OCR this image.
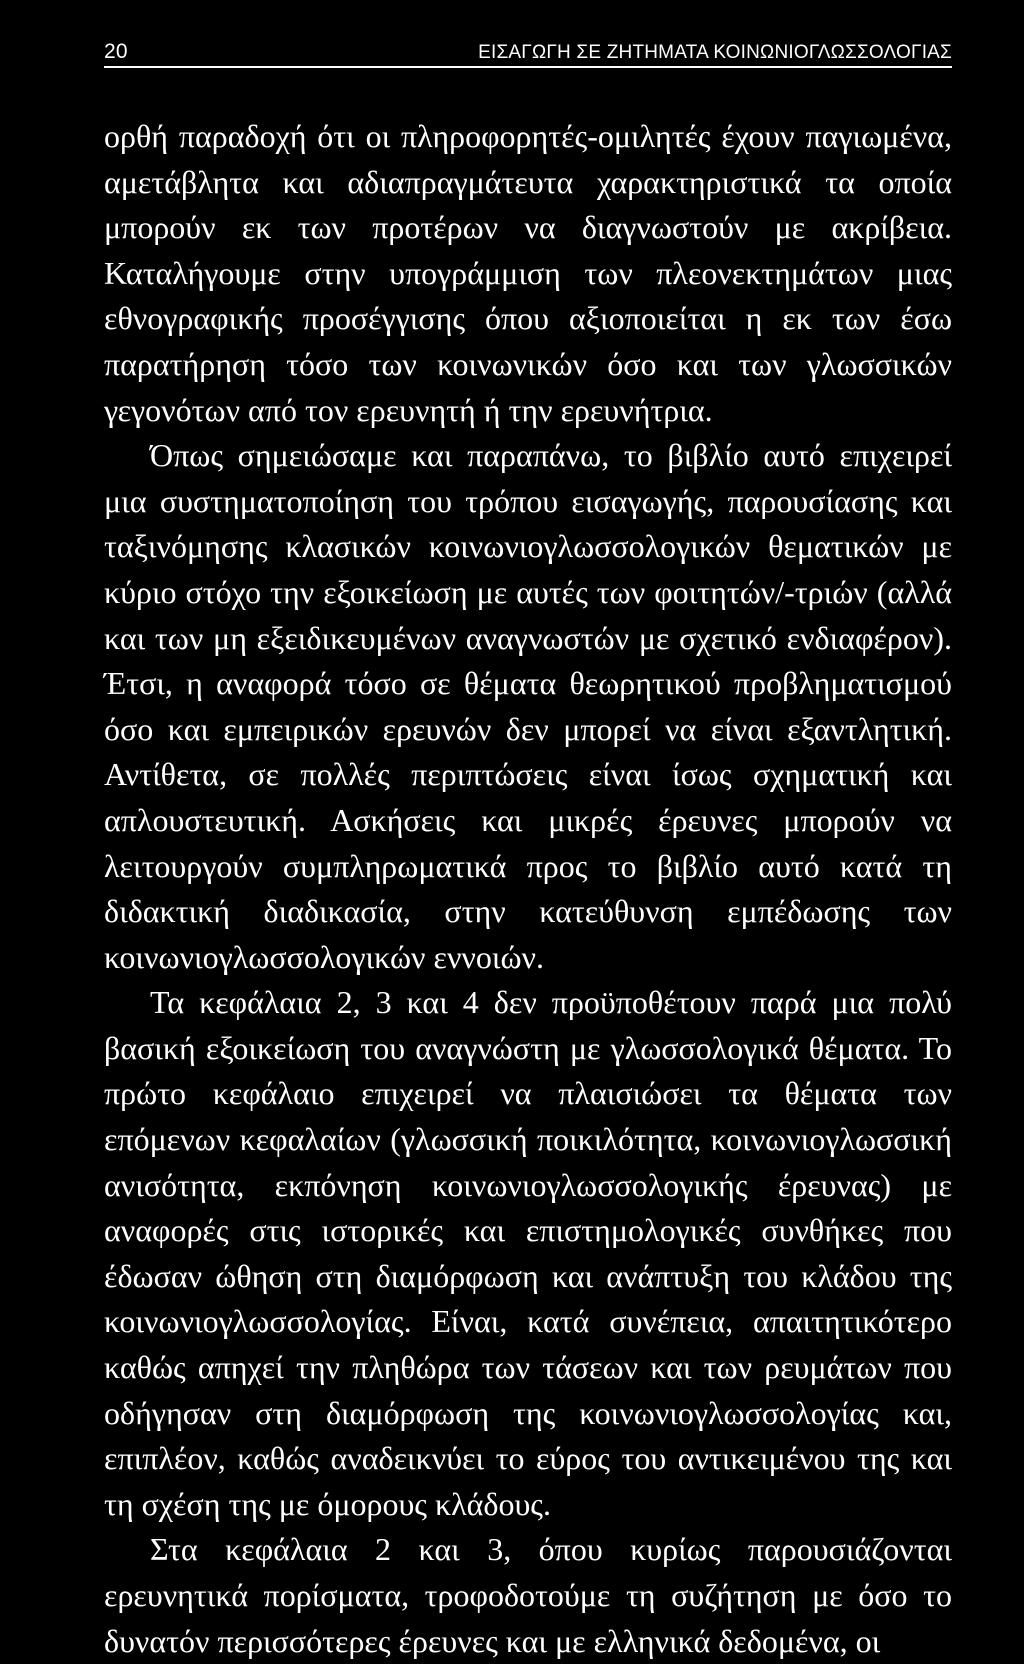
20	ΕΙΣΑΓΩΓΗ ΣΕ ΖΗΤΗΜΑΤΑ ΚΟΙΝΩΝΙΟΓΛΩΣΣΟΛΟΓΙΑΣ

ορθή παραδοχή ότι οι πληροφορητές-ομιλητές έχουν παγιωμένα, αμετάβλητα και αδιαπραγμάτευτα χαρακτηριστικά τα οποία μπορούν εκ των προτέρων να διαγνωστούν με ακρίβεια. Καταλήγουμε στην υπογράμμιση των πλεονεκτημάτων μιας εθνογραφικής προσέγγισης όπου αξιοποιείται η εκ των έσω παρατήρηση τόσο των κοινωνικών όσο και των γλωσσικών γεγονότων από τον ερευνητή ή την ερευνήτρια.

Όπως σημειώσαμε και παραπάνω, το βιβλίο αυτό επιχειρεί μια συστηματοποίηση του τρόπου εισαγωγής, παρουσίασης και ταξινόμησης κλασικών κοινωνιογλωσσολογικών θεματικών με κύριο στόχο την εξοικείωση με αυτές των φοιτητών/-τριών (αλλά και των μη εξειδικευμένων αναγνωστών με σχετικό ενδιαφέρον). Έτσι, η αναφορά τόσο σε θέματα θεωρητικού προβληματισμού όσο και εμπειρικών ερευνών δεν μπορεί να είναι εξαντλητική. Αντίθετα, σε πολλές περιπτώσεις είναι ίσως σχηματική και απλουστευτική. Ασκήσεις και μικρές έρευνες μπορούν να λειτουργούν συμπληρωματικά προς το βιβλίο αυτό κατά τη διδακτική διαδικασία, στην κατεύθυνση εμπέδωσης των κοινωνιογλωσσολογικών εννοιών.

Τα κεφάλαια 2, 3 και 4 δεν προϋποθέτουν παρά μια πολύ βασική εξοικείωση του αναγνώστη με γλωσσολογικά θέματα. Το πρώτο κεφάλαιο επιχειρεί να πλαισιώσει τα θέματα των επόμενων κεφαλαίων (γλωσσική ποικιλότητα, κοινωνιογλωσσική ανισότητα, εκπόνηση κοινωνιογλωσσολογικής έρευνας) με αναφορές στις ιστορικές και επιστημολογικές συνθήκες που έδωσαν ώθηση στη διαμόρφωση και ανάπτυξη του κλάδου της κοινωνιογλωσσολογίας. Είναι, κατά συνέπεια, απαιτητικότερο καθώς απηχεί την πληθώρα των τάσεων και των ρευμάτων που οδήγησαν στη διαμόρφωση της κοινωνιογλωσσολογίας και, επιπλέον, καθώς αναδεικνύει το εύρος του αντικειμένου της και τη σχέση της με όμορους κλάδους.

Στα κεφάλαια 2 και 3, όπου κυρίως παρουσιάζονται ερευνητικά πορίσματα, τροφοδοτούμε τη συζήτηση με όσο το δυνατόν περισσότερες έρευνες και με ελληνικά δεδομένα, οι
